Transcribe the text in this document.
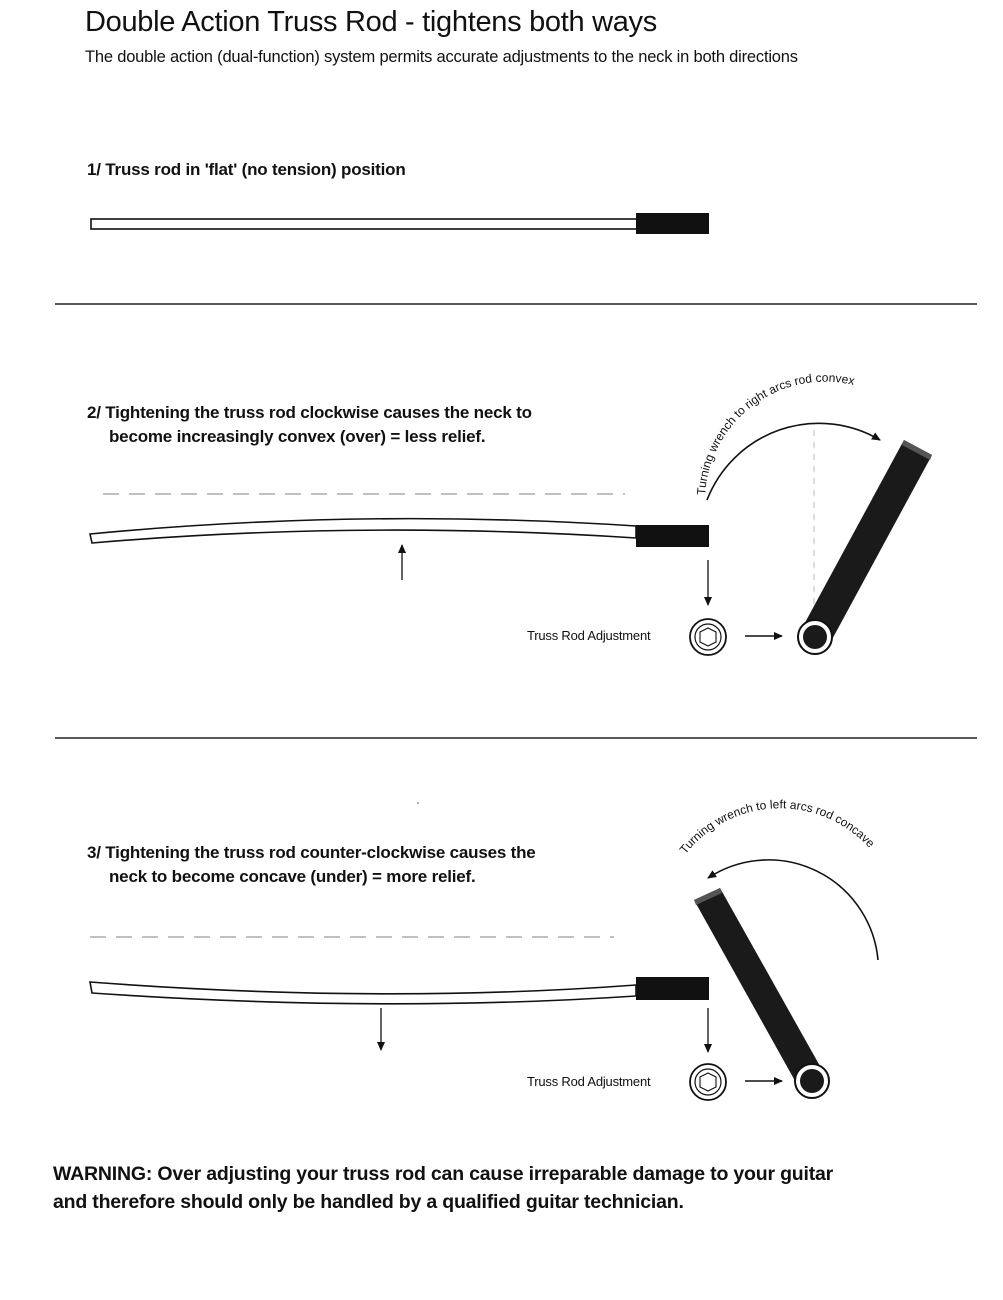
Double Action Truss Rod - tightens both ways
The double action (dual-function) system permits accurate adjustments to the neck in both directions
1/ Truss rod in 'flat' (no tension) position
2/ Tightening the truss rod clockwise causes the neck to
become increasingly convex (over) = less relief.
3/ Tightening the truss rod counter-clockwise causes the
neck to become concave (under) = more relief.
Truss Rod Adjustment
Truss Rod Adjustment
WARNING: Over adjusting your truss rod can cause irreparable damage to your guitar
and therefore should only be handled by a qualified guitar technician.
Turning wrench to right arcs rod convex
Turning wrench to left arcs rod concave
